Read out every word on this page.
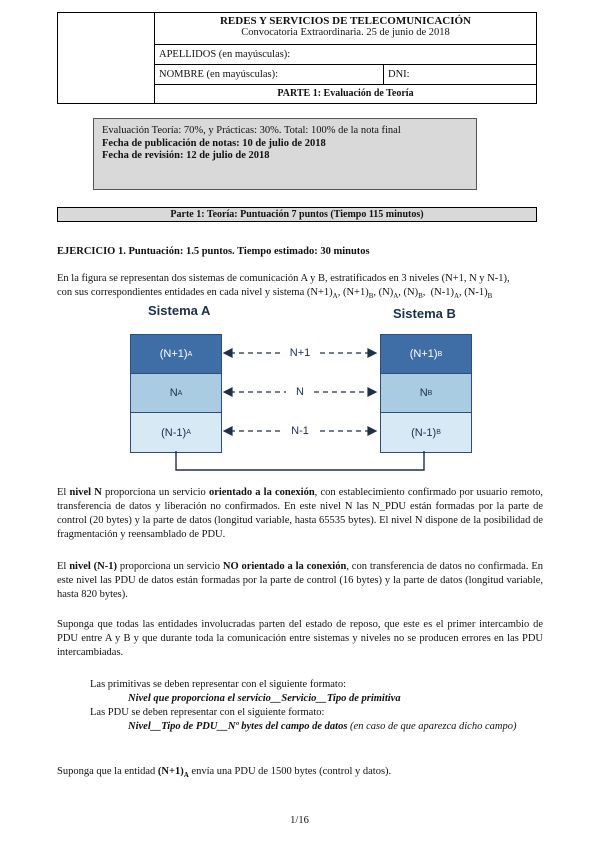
REDES Y SERVICIOS DE TELECOMUNICACIÓN
Convocatoria Extraordinaria. 25 de junio de 2018
APELLIDOS (en mayúsculas):
NOMBRE (en mayúsculas):	DNI:
PARTE 1: Evaluación de Teoría
Evaluación Teoría: 70%, y Prácticas: 30%. Total: 100% de la nota final
Fecha de publicación de notas: 10 de julio de 2018
Fecha de revisión: 12 de julio de 2018
Parte 1: Teoría: Puntuación 7 puntos (Tiempo 115 minutos)

EJERCICIO 1. Puntuación: 1.5 puntos. Tiempo estimado: 30 minutos

En la figura se representan dos sistemas de comunicación A y B, estratificados en 3 niveles (N+1, N y N-1),
con sus correspondientes entidades en cada nivel y sistema $(N+1)_A$, $(N+1)_B$, $(N)_A$, $(N)_B$,  $(N-1)_A$, $(N-1)_B$

Sistema A	Sistema B
(N+1) A
N A
(N-1) A
(N+1) B
N B
(N-1) B
N+1
N
N-1

El nivel N proporciona un servicio orientado a la conexión, con establecimiento confirmado por usuario remoto, transferencia de datos y liberación no confirmados. En este nivel N las N_PDU están formadas por la parte de control (20 bytes) y la parte de datos (longitud variable, hasta 65535 bytes). El nivel N dispone de la posibilidad de fragmentación y reensamblado de PDU.

El nivel (N-1) proporciona un servicio NO orientado a la conexión, con transferencia de datos no confirmada. En este nivel las PDU de datos están formadas por la parte de control (16 bytes) y la parte de datos (longitud variable, hasta 820 bytes).

Suponga que todas las entidades involucradas parten del estado de reposo, que este es el primer intercambio de PDU entre A y B y que durante toda la comunicación entre sistemas y niveles no se producen errores en las PDU intercambiadas.

Las primitivas se deben representar con el siguiente formato:

Nivel que proporciona el servicio__Servicio__Tipo de primitiva

Las PDU se deben representar con el siguiente formato:

Nivel__Tipo de PDU__Nº bytes del campo de datos (en caso de que aparezca dicho campo)

Suponga que la entidad $(N+1)_A$ envía una PDU de 1500 bytes (control y datos).

1/16
